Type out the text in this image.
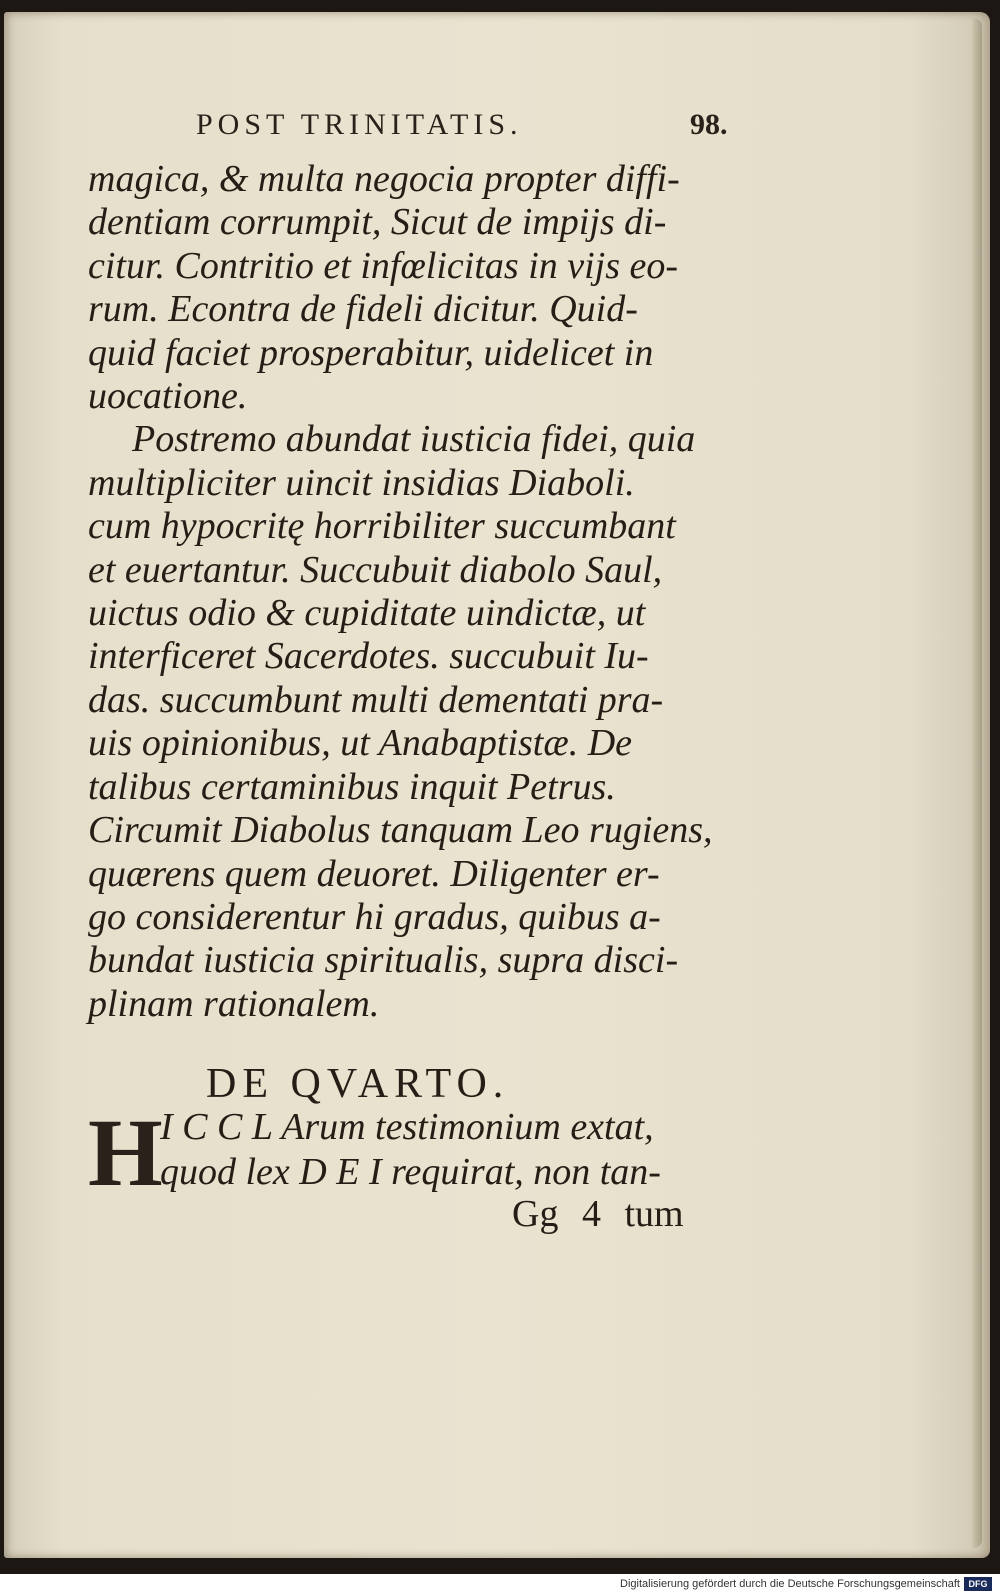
POST TRINITATIS.	98.
magica, & multa negocia propter diffi-
dentiam corrumpit, Sicut de impijs di-
citur. Contritio et infœlicitas in vijs eo-
rum. Econtra de fideli dicitur. Quid-
quid faciet prosperabitur, uidelicet in
uocatione.
Postremo abundat iusticia fidei, quia
multipliciter uincit insidias Diaboli.
cum hypocritę horribiliter succumbant
et euertantur. Succubuit diabolo Saul,
uictus odio & cupiditate uindictæ, ut
interficeret Sacerdotes. succubuit Iu-
das. succumbunt multi dementati pra-
uis opinionibus, ut Anabaptistæ. De
talibus certaminibus inquit Petrus.
Circumit Diabolus tanquam Leo rugiens,
quærens quem deuoret. Diligenter er-
go considerentur hi gradus, quibus a-
bundat iusticia spiritualis, supra disci-
plinam rationalem.
DE QVARTO.
H
I C C L Arum testimonium extat,
quod lex D E I requirat, non tan-
Gg 4 tum
Digitalisierung gefördert durch die Deutsche Forschungsgemeinschaft DFG
